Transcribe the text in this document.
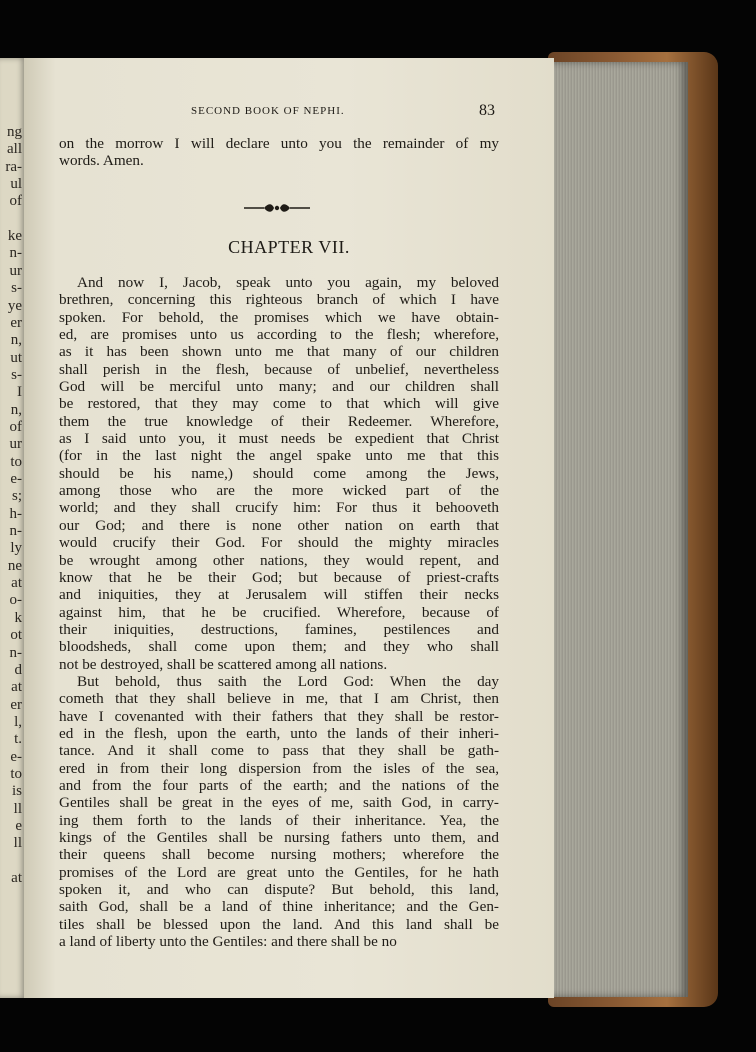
ng
all
ra-
ul
of
ke
n-
ur
s-
ye
er
n,
ut
s-
I
n,
of
ur
to
e-
s;
h-
n-
ly
ne
at
o-
k
ot
n-
d
at
er
l,
t.
e-
to
is
ll
e
ll
at
SECOND BOOK OF NEPHI.	83
on the morrow I will declare unto you the remainder of my
words. Amen.
CHAPTER VII.
And now I, Jacob, speak unto you again, my beloved
brethren, concerning this righteous branch of which I have
spoken. For behold, the promises which we have obtain-
ed, are promises unto us according to the flesh; wherefore,
as it has been shown unto me that many of our children
shall perish in the flesh, because of unbelief, nevertheless
God will be merciful unto many; and our children shall
be restored, that they may come to that which will give
them the true knowledge of their Redeemer. Wherefore,
as I said unto you, it must needs be expedient that Christ
(for in the last night the angel spake unto me that this
should be his name,) should come among the Jews,
among those who are the more wicked part of the
world; and they shall crucify him: For thus it behooveth
our God; and there is none other nation on earth that
would crucify their God. For should the mighty miracles
be wrought among other nations, they would repent, and
know that he be their God; but because of priest-crafts
and iniquities, they at Jerusalem will stiffen their necks
against him, that he be crucified. Wherefore, because of
their iniquities, destructions, famines, pestilences and
bloodsheds, shall come upon them; and they who shall
not be destroyed, shall be scattered among all nations.
But behold, thus saith the Lord God: When the day
cometh that they shall believe in me, that I am Christ, then
have I covenanted with their fathers that they shall be restor-
ed in the flesh, upon the earth, unto the lands of their inheri-
tance. And it shall come to pass that they shall be gath-
ered in from their long dispersion from the isles of the sea,
and from the four parts of the earth; and the nations of the
Gentiles shall be great in the eyes of me, saith God, in carry-
ing them forth to the lands of their inheritance. Yea, the
kings of the Gentiles shall be nursing fathers unto them, and
their queens shall become nursing mothers; wherefore the
promises of the Lord are great unto the Gentiles, for he hath
spoken it, and who can dispute? But behold, this land,
saith God, shall be a land of thine inheritance; and the Gen-
tiles shall be blessed upon the land. And this land shall be
a land of liberty unto the Gentiles: and there shall be no
